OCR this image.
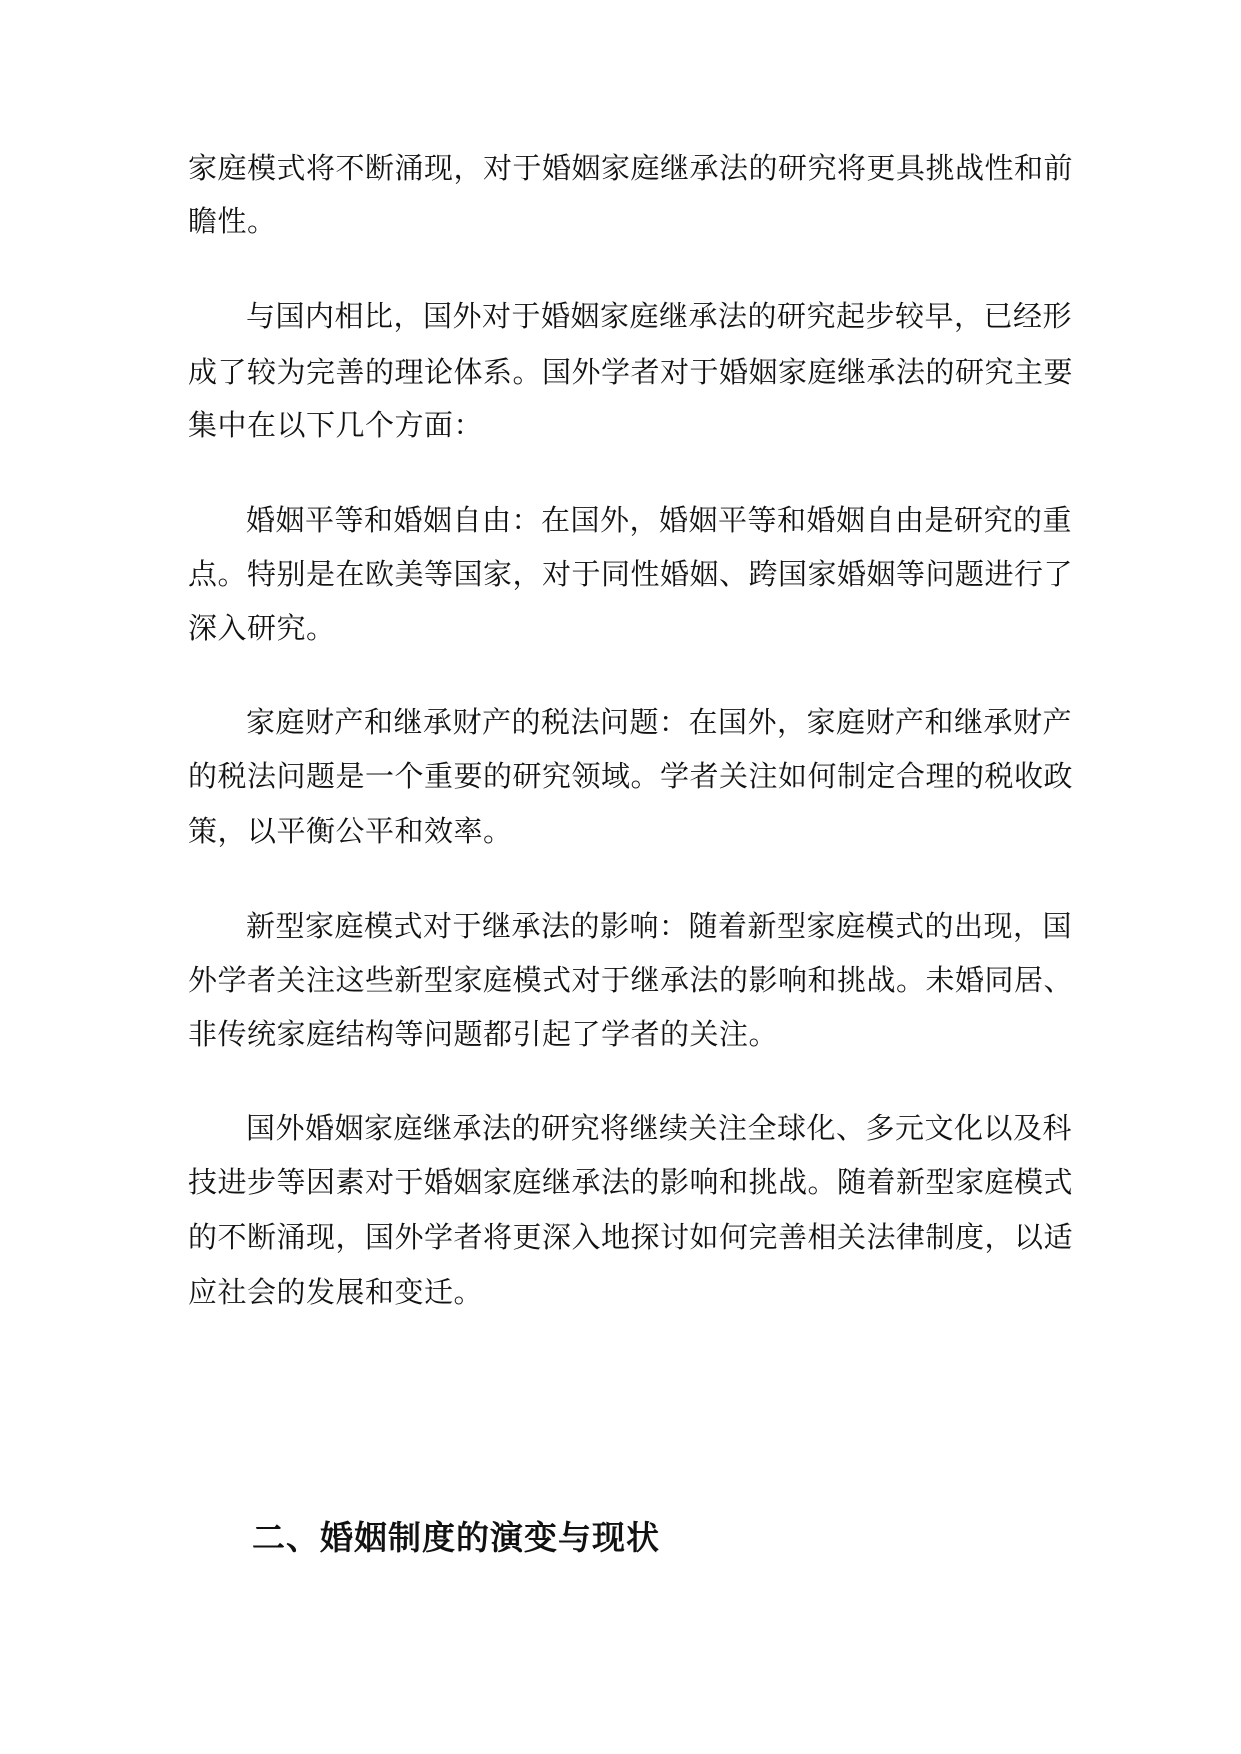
家庭模式将不断涌现，对于婚姻家庭继承法的研究将更具挑战性和前
瞻性。
与国内相比，国外对于婚姻家庭继承法的研究起步较早，已经形
成了较为完善的理论体系。国外学者对于婚姻家庭继承法的研究主要
集中在以下几个方面：
婚姻平等和婚姻自由：在国外，婚姻平等和婚姻自由是研究的重
点。特别是在欧美等国家，对于同性婚姻、跨国家婚姻等问题进行了
深入研究。
家庭财产和继承财产的税法问题：在国外，家庭财产和继承财产
的税法问题是一个重要的研究领域。学者关注如何制定合理的税收政
策，以平衡公平和效率。
新型家庭模式对于继承法的影响：随着新型家庭模式的出现，国
外学者关注这些新型家庭模式对于继承法的影响和挑战。未婚同居、
非传统家庭结构等问题都引起了学者的关注。
国外婚姻家庭继承法的研究将继续关注全球化、多元文化以及科
技进步等因素对于婚姻家庭继承法的影响和挑战。随着新型家庭模式
的不断涌现，国外学者将更深入地探讨如何完善相关法律制度，以适
应社会的发展和变迁。
二、婚姻制度的演变与现状
